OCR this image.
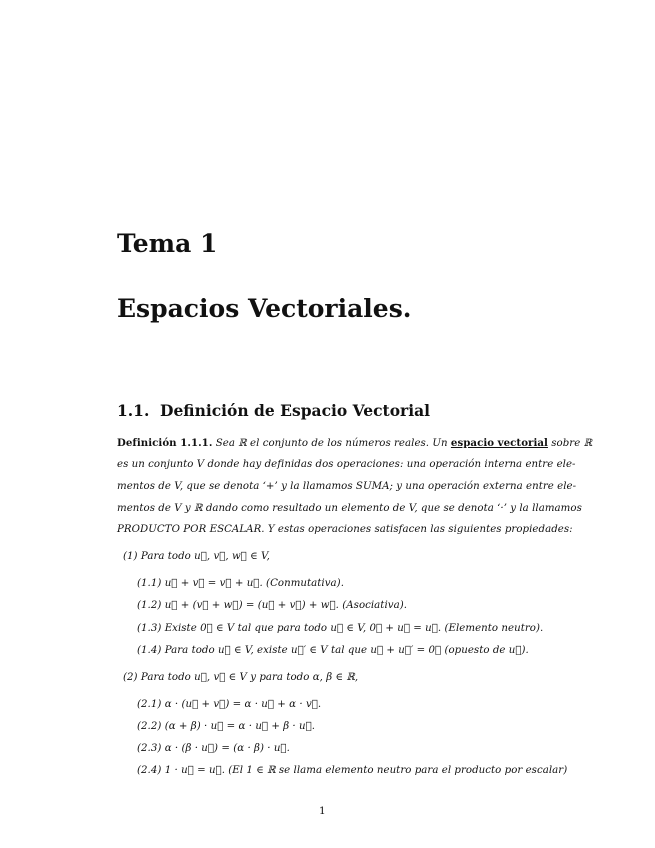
Tema 1
Espacios Vectoriales.
1.1. Definición de Espacio Vectorial
Definición 1.1.1. Sea ℝ el conjunto de los números reales. Un espacio vectorial sobre ℝ
es un conjunto V donde hay definidas dos operaciones: una operación interna entre ele-
mentos de V, que se denota ‘+’ y la llamamos SUMA; y una operación externa entre ele-
mentos de V y ℝ dando como resultado un elemento de V, que se denota ‘·’ y la llamamos
PRODUCTO POR ESCALAR. Y estas operaciones satisfacen las siguientes propiedades:
(1) Para todo u⃗, v⃗, w⃗ ∈ V,
(1.1) u⃗ + v⃗ = v⃗ + u⃗. (Conmutativa).
(1.2) u⃗ + (v⃗ + w⃗) = (u⃗ + v⃗) + w⃗. (Asociativa).
(1.3) Existe 0⃗ ∈ V tal que para todo u⃗ ∈ V, 0⃗ + u⃗ = u⃗. (Elemento neutro).
(1.4) Para todo u⃗ ∈ V, existe u⃗′ ∈ V tal que u⃗ + u⃗′ = 0⃗ (opuesto de u⃗).
(2) Para todo u⃗, v⃗ ∈ V y para todo α, β ∈ ℝ,
(2.1) α · (u⃗ + v⃗) = α · u⃗ + α · v⃗.
(2.2) (α + β) · u⃗ = α · u⃗ + β · u⃗.
(2.3) α · (β · u⃗) = (α · β) · u⃗.
(2.4) 1 · u⃗ = u⃗. (El 1 ∈ ℝ se llama elemento neutro para el producto por escalar)
1
